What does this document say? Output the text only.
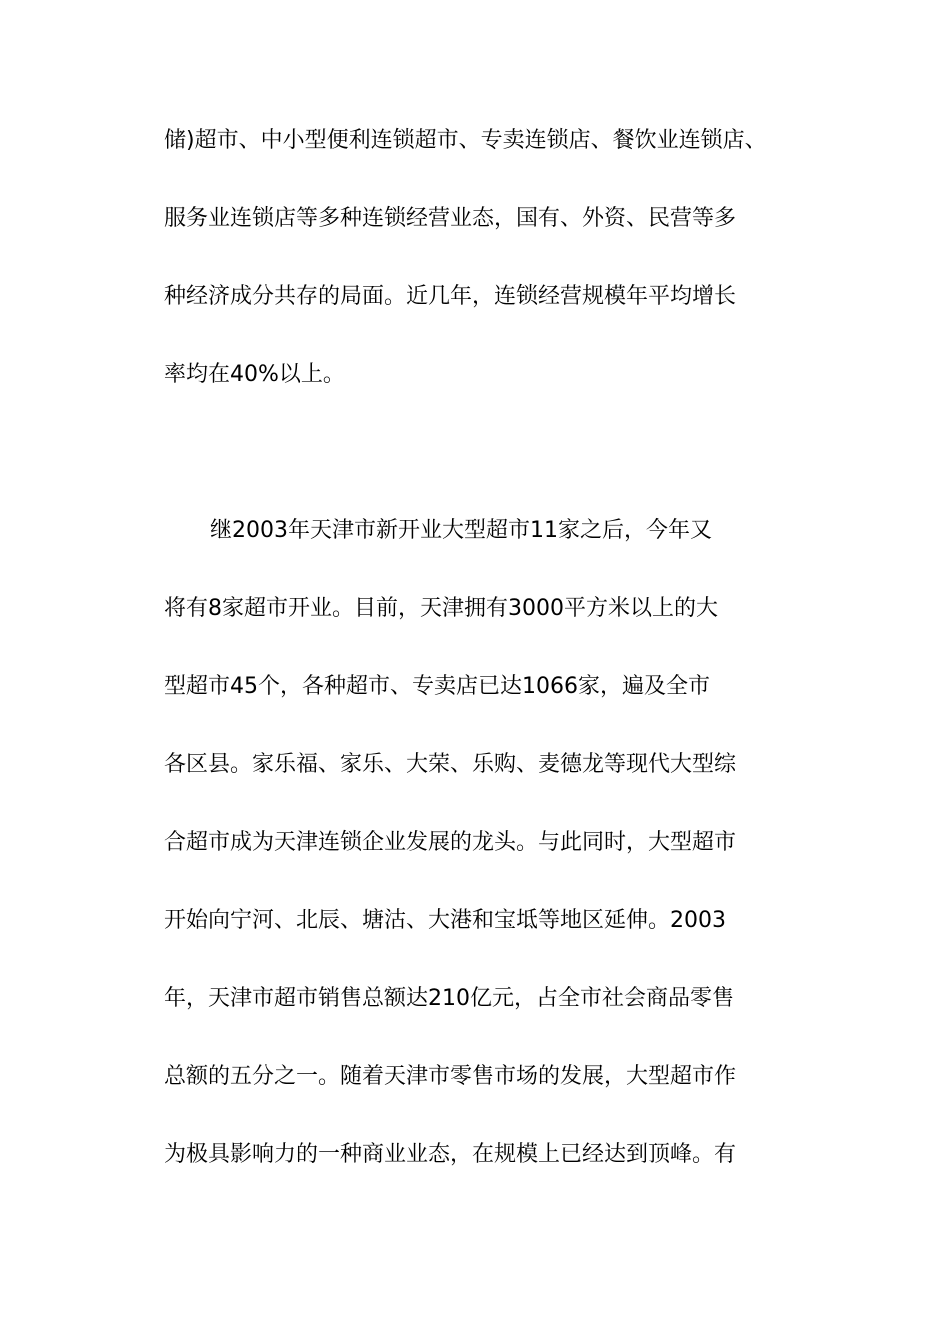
储)超市、中小型便利连锁超市、专卖连锁店、餐饮业连锁店、
服务业连锁店等多种连锁经营业态，国有、外资、民营等多
种经济成分共存的局面。近几年，连锁经营规模年平均增长
率均在40%以上。
继2003年天津市新开业大型超市11家之后，今年又
将有8家超市开业。目前，天津拥有3000平方米以上的大
型超市45个，各种超市、专卖店已达1066家，遍及全市
各区县。家乐福、家乐、大荣、乐购、麦德龙等现代大型综
合超市成为天津连锁企业发展的龙头。与此同时，大型超市
开始向宁河、北辰、塘沽、大港和宝坻等地区延伸。2003
年，天津市超市销售总额达210亿元，占全市社会商品零售
总额的五分之一。随着天津市零售市场的发展，大型超市作
为极具影响力的一种商业业态，在规模上已经达到顶峰。有
